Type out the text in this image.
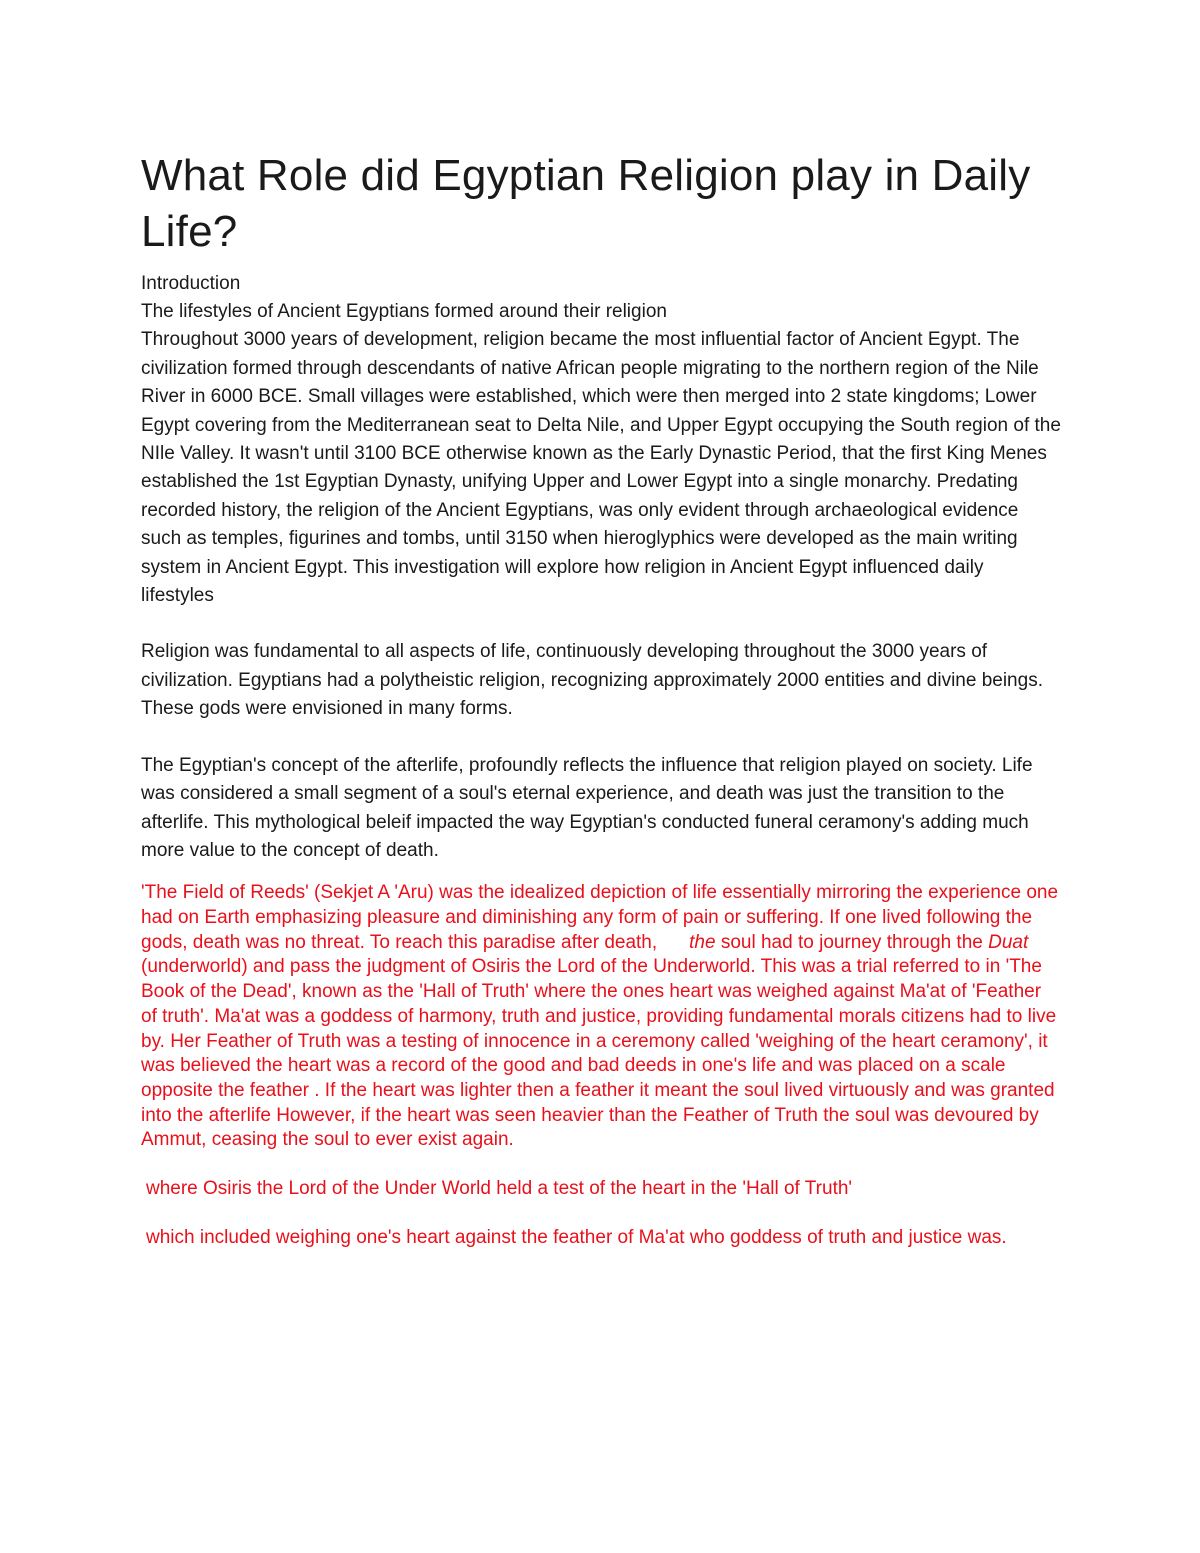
What Role did Egyptian Religion play in Daily Life?

Introduction

The lifestyles of Ancient Egyptians formed around their religion

Throughout 3000 years of development, religion became the most influential factor of Ancient Egypt. The civilization formed through descendants of native African people migrating to the northern region of the Nile River in 6000 BCE. Small villages were established, which were then merged into 2 state kingdoms; Lower Egypt covering from the Mediterranean seat to Delta Nile, and Upper Egypt occupying the South region of the NIle Valley. It wasn't until 3100 BCE otherwise known as the Early Dynastic Period, that the first King Menes established the 1st Egyptian Dynasty, unifying Upper and Lower Egypt into a single monarchy. Predating recorded history, the religion of the Ancient Egyptians, was only evident through archaeological evidence such as temples, figurines and tombs, until 3150 when hieroglyphics were developed as the main writing system in Ancient Egypt. This investigation will explore how religion in Ancient Egypt influenced daily lifestyles

Religion was fundamental to all aspects of life, continuously developing throughout the 3000 years of civilization. Egyptians had a polytheistic religion, recognizing approximately 2000 entities and divine beings. These gods were envisioned in many forms.

The Egyptian's concept of the afterlife, profoundly reflects the influence that religion played on society. Life was considered a small segment of a soul's eternal experience, and death was just the transition to the afterlife. This mythological beleif impacted the way Egyptian's conducted funeral ceramony's adding much more value to the concept of death.

'The Field of Reeds' (Sekjet A 'Aru) was the idealized depiction of life essentially mirroring the experience one had on Earth emphasizing pleasure and diminishing any form of pain or suffering. If one lived following the gods, death was no threat. To reach this paradise after death, the soul had to journey through the Duat (underworld) and pass the judgment of Osiris the Lord of the Underworld. This was a trial referred to in 'The Book of the Dead', known as the 'Hall of Truth' where the ones heart was weighed against Ma'at of 'Feather of truth'. Ma'at was a goddess of harmony, truth and justice, providing fundamental morals citizens had to live by. Her Feather of Truth was a testing of innocence in a ceremony called 'weighing of the heart ceramony', it was believed the heart was a record of the good and bad deeds in one's life and was placed on a scale opposite the feather . If the heart was lighter then a feather it meant the soul lived virtuously and was granted into the afterlife However, if the heart was seen heavier than the Feather of Truth the soul was devoured by Ammut, ceasing the soul to ever exist again.

where Osiris the Lord of the Under World held a test of the heart in the 'Hall of Truth'

which included weighing one's heart against the feather of Ma'at who goddess of truth and justice was.
